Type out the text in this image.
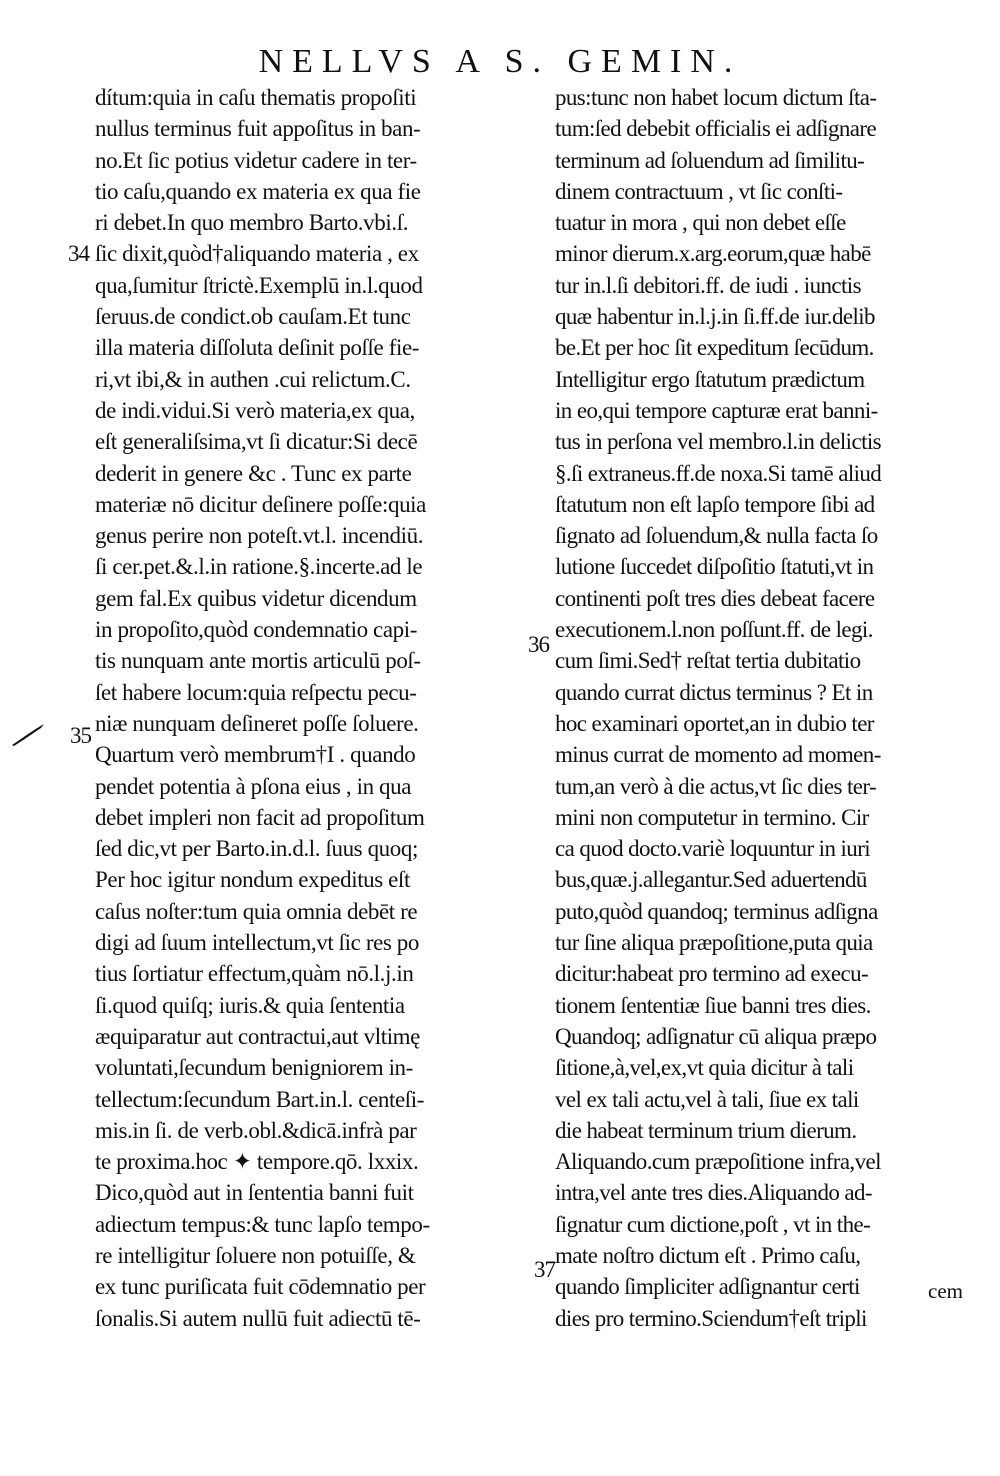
NELLVS A S. GEMIN.
34
35
36
37
dítum:quia in caſu thematis propoſiti
nullus terminus fuit appoſitus in ban-
no.Et ſic potius videtur cadere in ter-
tio caſu,quando ex materia ex qua fie
ri debet.In quo membro Barto.vbi.ſ.
ſic dixit,quòd†aliquando materia , ex
qua,ſumitur ſtrictè.Exemplū in.l.quod
ſeruus.de condict.ob cauſam.Et tunc
illa materia diſſoluta deſinit poſſe fie-
ri,vt ibi,& in authen .cui relictum.C.
de indi.vidui.Si verò materia,ex qua,
eſt generaliſsima,vt ſi dicatur:Si decē
dederit in genere &c . Tunc ex parte
materiæ nō dicitur deſinere poſſe:quia
genus perire non poteſt.vt.l. incendiū.
ſi cer.pet.&.l.in ratione.§.incerte.ad le
gem fal.Ex quibus videtur dicendum
in propoſito,quòd condemnatio capi-
tis nunquam ante mortis articulū poſ-
ſet habere locum:quia reſpectu pecu-
niæ nunquam deſineret poſſe ſoluere.
Quartum verò membrum†I . quando
pendet potentia à pſona eius , in qua
debet impleri non facit ad propoſitum
ſed dic,vt per Barto.in.d.l. ſuus quoq;
Per hoc igitur nondum expeditus eſt
caſus noſter:tum quia omnia debēt re
digi ad ſuum intellectum,vt ſic res po
tius ſortiatur effectum,quàm nō.l.j.in
ſi.quod quiſq; iuris.& quia ſententia
æquiparatur aut contractui,aut vltimę
voluntati,ſecundum benigniorem in-
tellectum:ſecundum Bart.in.l. centeſi-
mis.in ſi. de verb.obl.&dicā.infrà par
te proxima.hoc ✦ tempore.qō. lxxix.
Dico,quòd aut in ſententia banni fuit
adiectum tempus:& tunc lapſo tempo-
re intelligitur ſoluere non potuiſſe, &
ex tunc puriſicata fuit cōdemnatio per
ſonalis.Si autem nullū fuit adiectū tē-
pus:tunc non habet locum dictum ſta-
tum:ſed debebit officialis ei adſignare
terminum ad ſoluendum ad ſimilitu-
dinem contractuum , vt ſic conſti-
tuatur in mora , qui non debet eſſe
minor dierum.x.arg.eorum,quæ habē
tur in.l.ſi debitori.ff. de iudi . iunctis
quæ habentur in.l.j.in ſi.ff.de iur.delib
be.Et per hoc ſit expeditum ſecūdum.
Intelligitur ergo ſtatutum prædictum
in eo,qui tempore capturæ erat banni-
tus in perſona vel membro.l.in delictis
§.ſi extraneus.ff.de noxa.Si tamē aliud
ſtatutum non eſt lapſo tempore ſibi ad
ſignato ad ſoluendum,& nulla facta ſo
lutione ſuccedet diſpoſitio ſtatuti,vt in
continenti poſt tres dies debeat facere
executionem.l.non poſſunt.ff. de legi.
cum ſimi.Sed† reſtat tertia dubitatio
quando currat dictus terminus ? Et in
hoc examinari oportet,an in dubio ter
minus currat de momento ad momen-
tum,an verò à die actus,vt ſic dies ter-
mini non computetur in termino. Cir
ca quod docto.variè loquuntur in iuri
bus,quæ.j.allegantur.Sed aduertendū
puto,quòd quandoq; terminus adſigna
tur ſine aliqua præpoſitione,puta quia
dicitur:habeat pro termino ad execu-
tionem ſententiæ ſiue banni tres dies.
Quandoq; adſignatur cū aliqua præpo
ſitione,à,vel,ex,vt quia dicitur à tali
vel ex tali actu,vel à tali, ſiue ex tali
die habeat terminum trium dierum.
Aliquando.cum præpoſitione infra,vel
intra,vel ante tres dies.Aliquando ad-
ſignatur cum dictione,poſt , vt in the-
mate noſtro dictum eſt . Primo caſu,
quando ſimpliciter adſignantur certi
dies pro termino.Sciendum†eſt tripli
cem
